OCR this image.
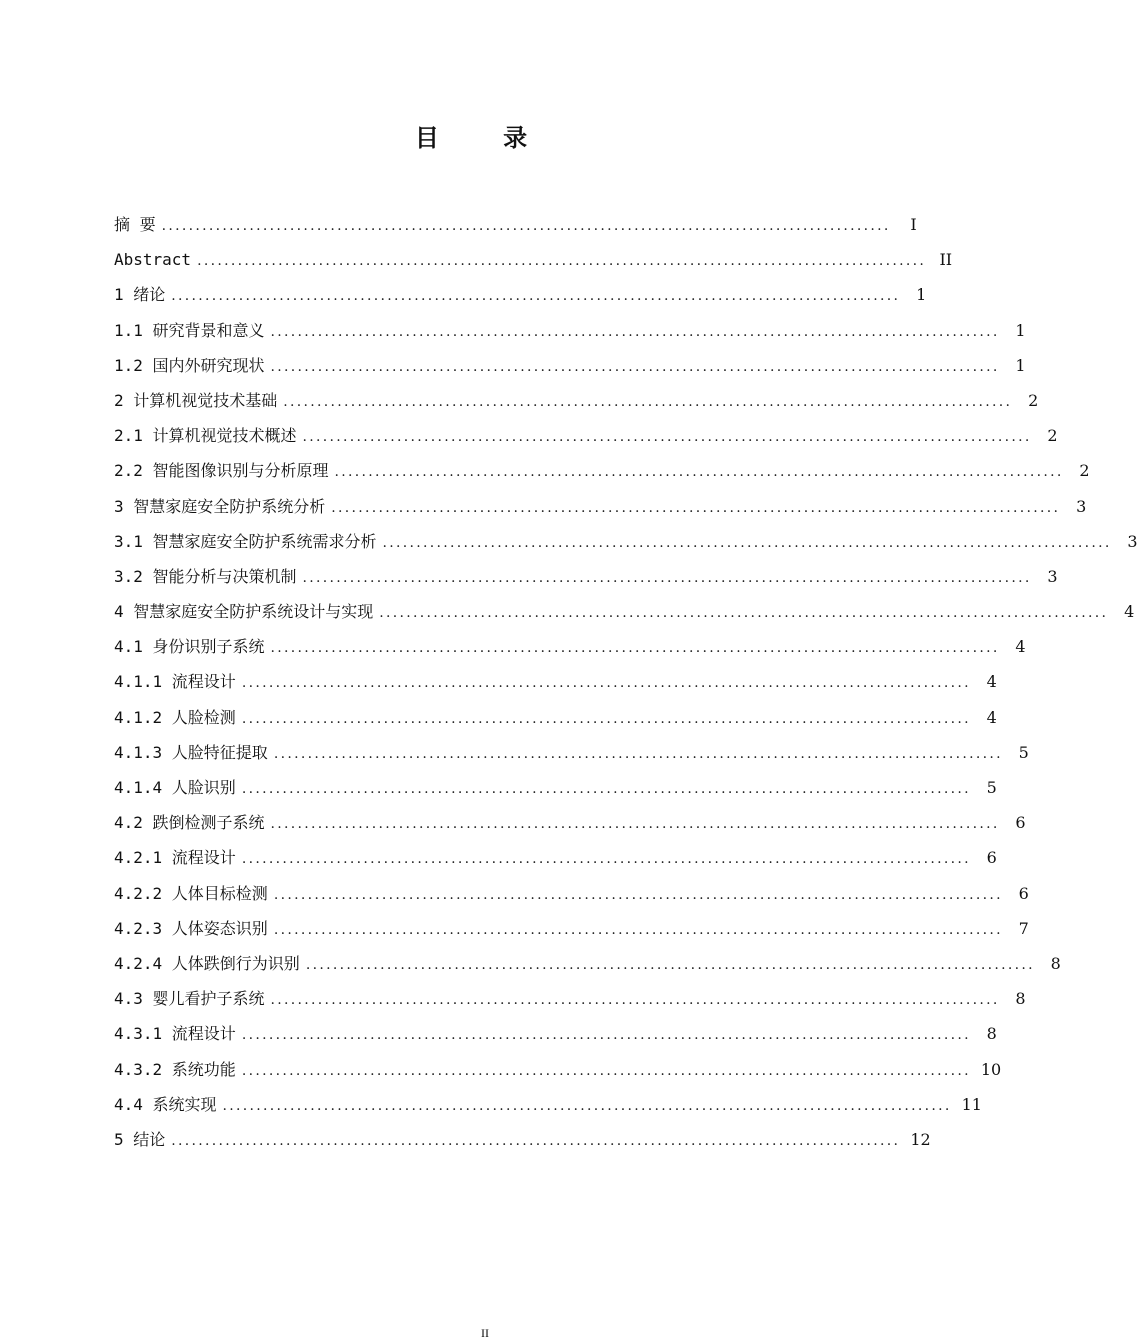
目 录
摘 要 ............................................................................................................	I
Abstract ............................................................................................................ II
1 绪论 ............................................................................................................ 1
1.1 研究背景和意义 ............................................................................................................ 1
1.2 国内外研究现状 ............................................................................................................ 1
2 计算机视觉技术基础 ............................................................................................................ 2
2.1 计算机视觉技术概述 ............................................................................................................ 2
2.2 智能图像识别与分析原理 ............................................................................................................ 2
3 智慧家庭安全防护系统分析 ............................................................................................................ 3
3.1 智慧家庭安全防护系统需求分析 ............................................................................................................ 3
3.2 智能分析与决策机制 ............................................................................................................ 3
4 智慧家庭安全防护系统设计与实现 ............................................................................................................ 4
4.1 身份识别子系统 ............................................................................................................ 4
4.1.1 流程设计 ............................................................................................................ 4
4.1.2 人脸检测 ............................................................................................................ 4
4.1.3 人脸特征提取 ............................................................................................................ 5
4.1.4 人脸识别 ............................................................................................................ 5
4.2 跌倒检测子系统 ............................................................................................................ 6
4.2.1 流程设计 ............................................................................................................ 6
4.2.2 人体目标检测 ............................................................................................................ 6
4.2.3 人体姿态识别 ............................................................................................................ 7
4.2.4 人体跌倒行为识别 ............................................................................................................ 8
4.3 婴儿看护子系统 ............................................................................................................ 8
4.3.1 流程设计 ............................................................................................................ 8
4.3.2 系统功能 ............................................................................................................ 10
4.4 系统实现 ............................................................................................................ 11
5 结论 ............................................................................................................ 12
II
